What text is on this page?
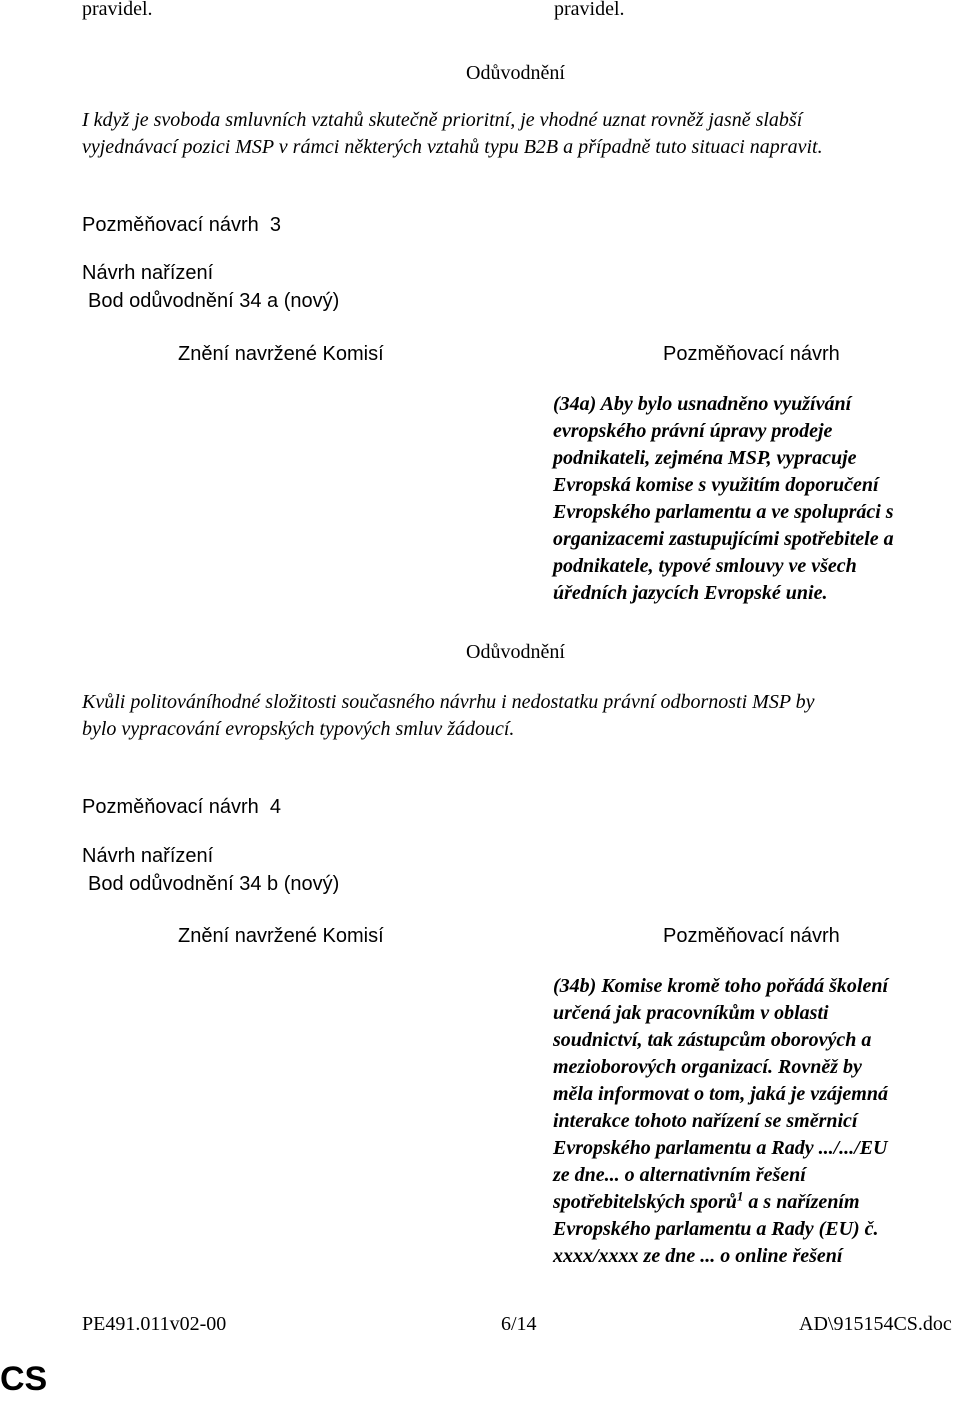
pravidel.	pravidel.
Odůvodnění
I když je svoboda smluvních vztahů skutečně prioritní, je vhodné uznat rovněž jasně slabší
vyjednávací pozici MSP v rámci některých vztahů typu B2B a případně tuto situaci napravit.
Pozměňovací návrh  3
Návrh nařízení
Bod odůvodnění 34 a (nový)
Znění navržené Komisí	Pozměňovací návrh
(34a) Aby bylo usnadněno využívání
evropského právní úpravy prodeje
podnikateli, zejména MSP, vypracuje
Evropská komise s využitím doporučení
Evropského parlamentu a ve spolupráci s
organizacemi zastupujícími spotřebitele a
podnikatele, typové smlouvy ve všech
úředních jazycích Evropské unie.
Odůvodnění
Kvůli politováníhodné složitosti současného návrhu i nedostatku právní odbornosti MSP by
bylo vypracování evropských typových smluv žádoucí.
Pozměňovací návrh  4
Návrh nařízení
Bod odůvodnění 34 b (nový)
Znění navržené Komisí	Pozměňovací návrh
(34b) Komise kromě toho pořádá školení
určená jak pracovníkům v oblasti
soudnictví, tak zástupcům oborových a
mezioborových organizací. Rovněž by
měla informovat o tom, jaká je vzájemná
interakce tohoto nařízení se směrnicí
Evropského parlamentu a Rady .../.../EU
ze dne... o alternativním řešení
spotřebitelských sporů$^1$ a s nařízením
Evropského parlamentu a Rady (EU) č.
xxxx/xxxx ze dne ... o online řešení
PE491.011v02-00	6/14	AD\915154CS.doc
CS
